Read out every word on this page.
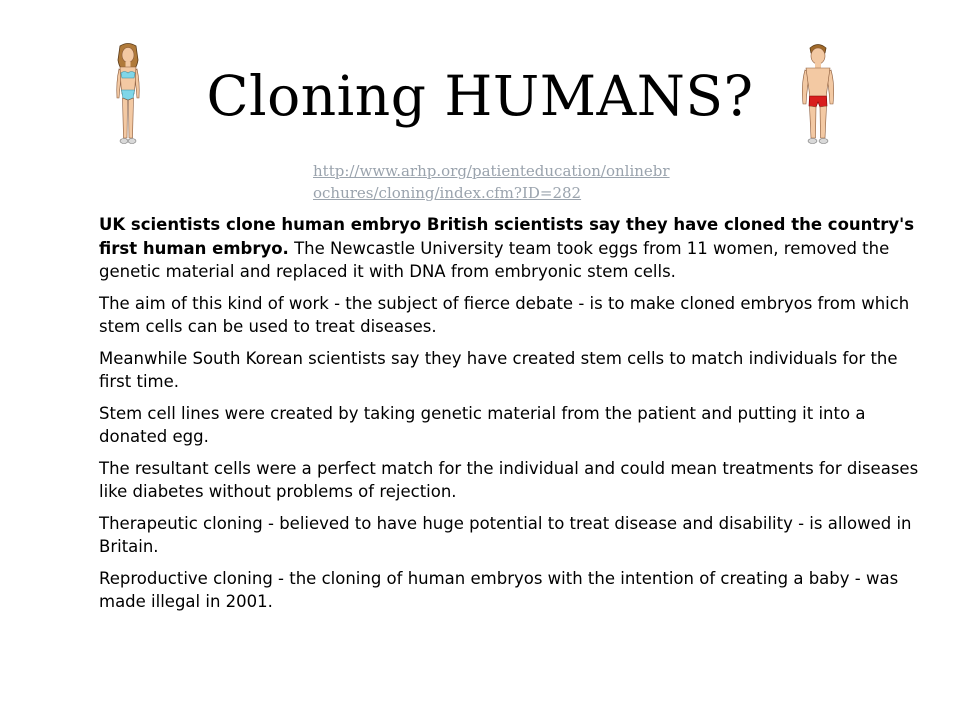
Cloning HUMANS?
http://www.arhp.org/patienteducation/onlinebrochures/cloning/index.cfm?ID=282

UK scientists clone human embryo British scientists say they have cloned the country's first human embryo. The Newcastle University team took eggs from 11 women, removed the genetic material and replaced it with DNA from embryonic stem cells.

The aim of this kind of work - the subject of fierce debate - is to make cloned embryos from which stem cells can be used to treat diseases.

Meanwhile South Korean scientists say they have created stem cells to match individuals for the first time.

Stem cell lines were created by taking genetic material from the patient and putting it into a donated egg.

The resultant cells were a perfect match for the individual and could mean treatments for diseases like diabetes without problems of rejection.

Therapeutic cloning - believed to have huge potential to treat disease and disability - is allowed in Britain.

Reproductive cloning - the cloning of human embryos with the intention of creating a baby - was made illegal in 2001.
